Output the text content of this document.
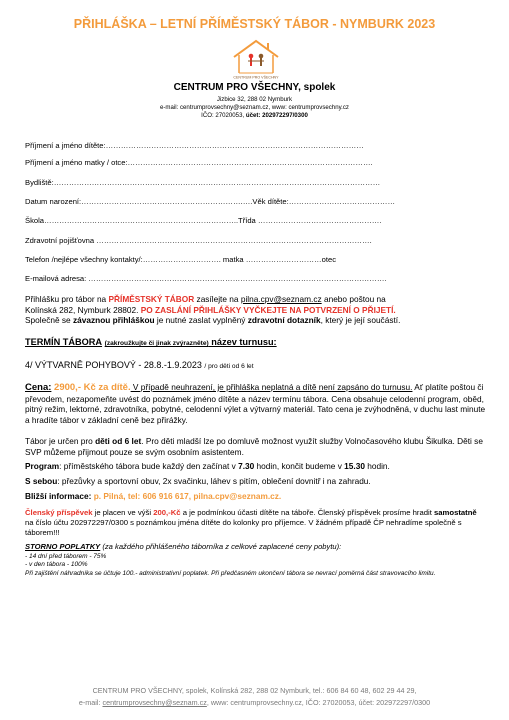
PŘIHLÁŠKA – LETNÍ PŘÍMĚSTSKÝ TÁBOR - NYMBURK 2023
CENTRUM PRO VŠECHNY
CENTRUM PRO VŠECHNY, spolek
Jizbice 32, 288 02 Nymburk
e-mail: centrumprovsechny@seznam.cz, www: centrumprovsechny.cz
IČO: 27020053, účet: 202972297/0300
Příjmení a jméno dítěte:…………………………………………………………………………………………
Příjmení a jméno matky / otce:…………………………………………………………………………………….
Bydliště:…………………………………………………………………………………………………………………
Datum narození:……………………………………………………….….Věk dítěte:……………………………………
Škola…………………………………………………………………..Třída ………………………………………….
Zdravotní pojišťovna ……………………………………………………………………………………………….
Telefon /nejlépe všechny kontakty/:…………………………. matka …………………………otec
E-mailová adresa: ……………………………………………………………………………………………………….
Přihlášku pro tábor na PŘÍMĚSTSKÝ TÁBOR zasílejte na pilna.cpv@seznam.cz anebo poštou na
Kolínská 282, Nymburk 28802. PO ZASLÁNÍ PŘIHLÁŠKY VYČKEJTE NA POTVRZENÍ O PŘIJETÍ.
Společně se závaznou přihláškou je nutné zaslat vyplněný zdravotní dotazník, který je její součástí.
TERMÍN TÁBORA (zakroužkujte či jinak zvýrazněte) název turnusu:
4/ VÝTVARNĚ POHYBOVÝ - 28.8.-1.9.2023 / pro děti od 6 let
Cena: 2900,- Kč za dítě. V případě neuhrazení, je přihláška neplatná a dítě není zapsáno do turnusu. Ať platíte poštou či převodem, nezapomeňte uvést do poznámek jméno dítěte a název termínu tábora. Cena obsahuje celodenní program, oběd, pitný režim, lektorné, zdravotníka, pobytné, celodenní výlet a výtvarný materiál. Tato cena je zvýhodněná, v duchu last minute a hradíte tábor v základní ceně bez přirážky.
Tábor je určen pro děti od 6 let. Pro děti mladší lze po domluvě možnost využít služby Volnočasového klubu Šikulka. Děti se SVP můžeme přijmout pouze se svým osobním asistentem.
Program: příměstského tábora bude každý den začínat v 7.30 hodin, končit budeme v 15.30 hodin.
S sebou: přezůvky a sportovní obuv, 2x svačinku, láhev s pitím, oblečení dovnitř i na zahradu.
Bližší informace: p. Pilná, tel: 606 916 617, pilna.cpv@seznam.cz.
Členský příspěvek je placen ve výši 200,-Kč a je podmínkou účasti dítěte na táboře. Členský příspěvek prosíme hradit samostatně na číslo účtu 202972297/0300 s poznámkou jména dítěte do kolonky pro příjemce. V žádném případě ČP nehradíme společně s táborem!!!
STORNO POPLATKY (za každého přihlášeného táborníka z celkové zaplacené ceny pobytu):
- 14 dní před táborem - 75%
- v den tábora - 100%
Při zajištění náhradníka se účtuje 100.- administrativní poplatek. Při předčasném ukončení tábora se nevrací poměrná část stravovacího limitu.
CENTRUM PRO VŠECHNY, spolek, Kolínská 282, 288 02 Nymburk, tel.: 606 84 60 48, 602 29 44 29,
e-mail: centrumprovsechny@seznam.cz, www: centrumprovsechny.cz, IČO: 27020053, účet: 202972297/0300
